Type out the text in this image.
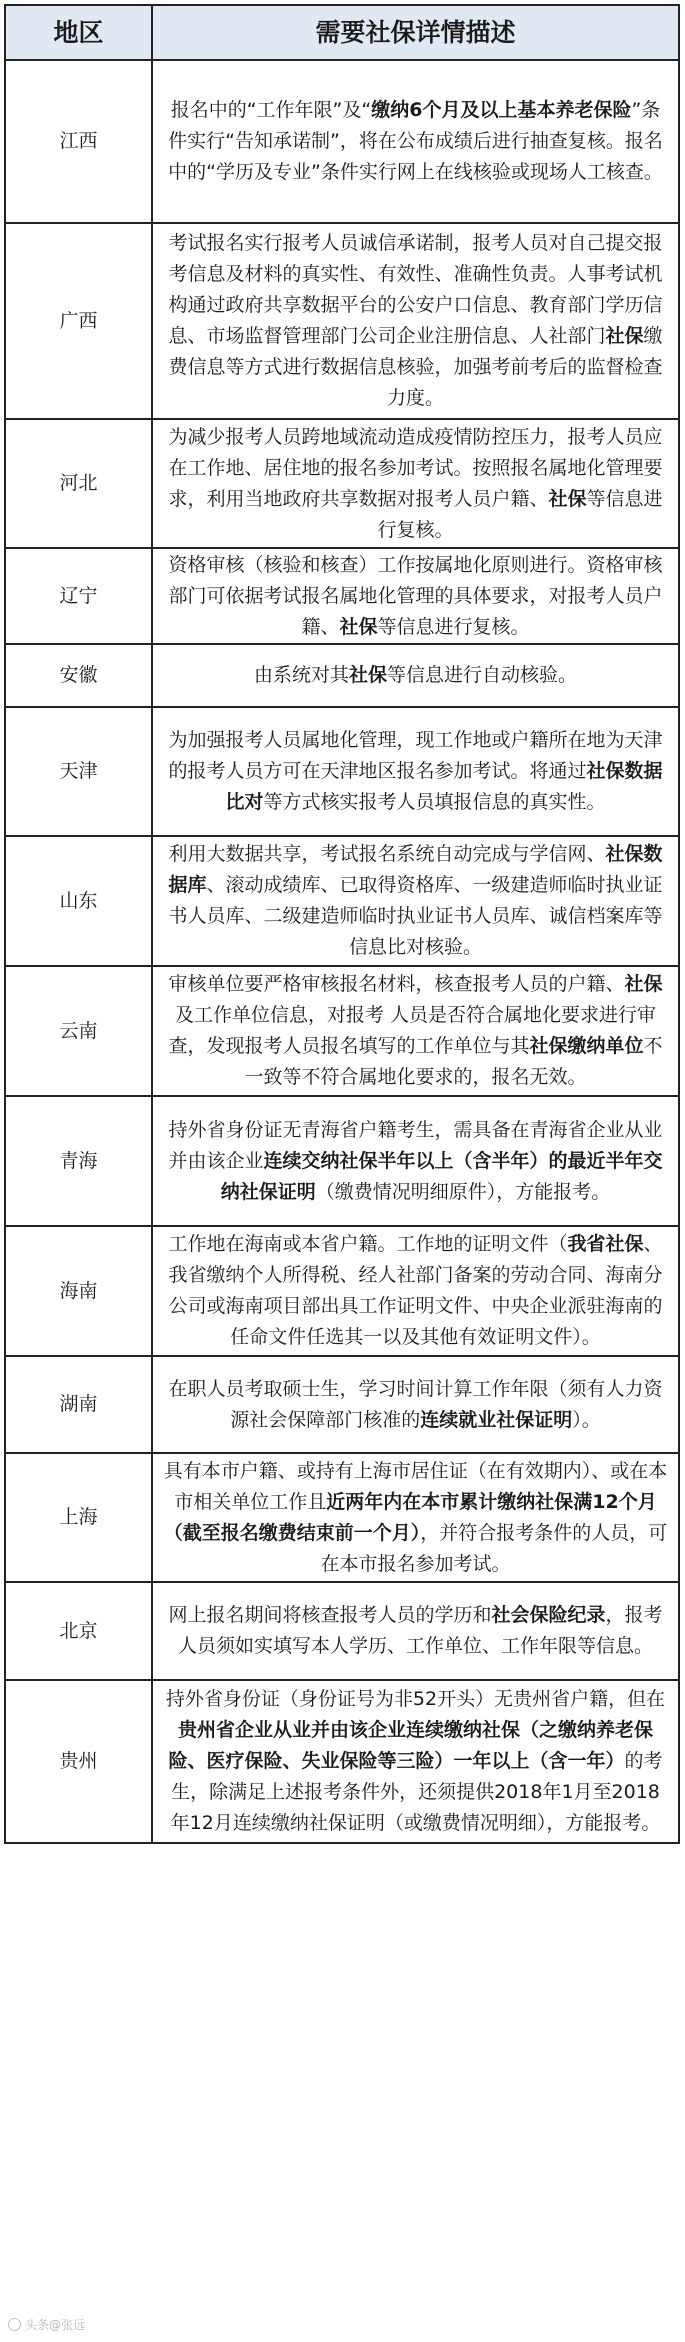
地区	需要社保详情描述
江西
报名中的“工作年限”及“缴纳6个月及以上基本养老保险”条件实行“告知承诺制”，将在公布成绩后进行抽查复核。报名中的“学历及专业”条件实行网上在线核验或现场人工核查。
广西
考试报名实行报考人员诚信承诺制，报考人员对自己提交报考信息及材料的真实性、有效性、准确性负责。人事考试机构通过政府共享数据平台的公安户口信息、教育部门学历信息、市场监督管理部门公司企业注册信息、人社部门社保缴费信息等方式进行数据信息核验，加强考前考后的监督检查力度。
河北
为减少报考人员跨地域流动造成疫情防控压力，报考人员应在工作地、居住地的报名参加考试。按照报名属地化管理要求，利用当地政府共享数据对报考人员户籍、社保等信息进行复核。
辽宁
资格审核（核验和核查）工作按属地化原则进行。资格审核部门可依据考试报名属地化管理的具体要求，对报考人员户籍、社保等信息进行复核。
安徽	由系统对其社保等信息进行自动核验。
天津
为加强报考人员属地化管理，现工作地或户籍所在地为天津的报考人员方可在天津地区报名参加考试。将通过社保数据比对等方式核实报考人员填报信息的真实性。
山东
利用大数据共享，考试报名系统自动完成与学信网、社保数据库、滚动成绩库、已取得资格库、一级建造师临时执业证书人员库、二级建造师临时执业证书人员库、诚信档案库等信息比对核验。
云南
审核单位要严格审核报名材料，核查报考人员的户籍、社保及工作单位信息，对报考 人员是否符合属地化要求进行审查，发现报考人员报名填写的工作单位与其社保缴纳单位不一致等不符合属地化要求的，报名无效。
青海
持外省身份证无青海省户籍考生，需具备在青海省企业从业并由该企业连续交纳社保半年以上（含半年）的最近半年交纳社保证明（缴费情况明细原件），方能报考。
海南
工作地在海南或本省户籍。工作地的证明文件（我省社保、我省缴纳个人所得税、经人社部门备案的劳动合同、海南分公司或海南项目部出具工作证明文件、中央企业派驻海南的任命文件任选其一以及其他有效证明文件）。
湖南
在职人员考取硕士生，学习时间计算工作年限（须有人力资源社会保障部门核准的连续就业社保证明）。
上海
具有本市户籍、或持有上海市居住证（在有效期内）、或在本市相关单位工作且近两年内在本市累计缴纳社保满12个月（截至报名缴费结束前一个月），并符合报考条件的人员，可在本市报名参加考试。
北京
网上报名期间将核查报考人员的学历和社会保险纪录，报考人员须如实填写本人学历、工作单位、工作年限等信息。
贵州
持外省身份证（身份证号为非52开头）无贵州省户籍，但在贵州省企业从业并由该企业连续缴纳社保（之缴纳养老保险、医疗保险、失业保险等三险）一年以上（含一年）的考生，除满足上述报考条件外，还须提供2018年1月至2018年12月连续缴纳社保证明（或缴费情况明细），方能报考。
头条@张远
